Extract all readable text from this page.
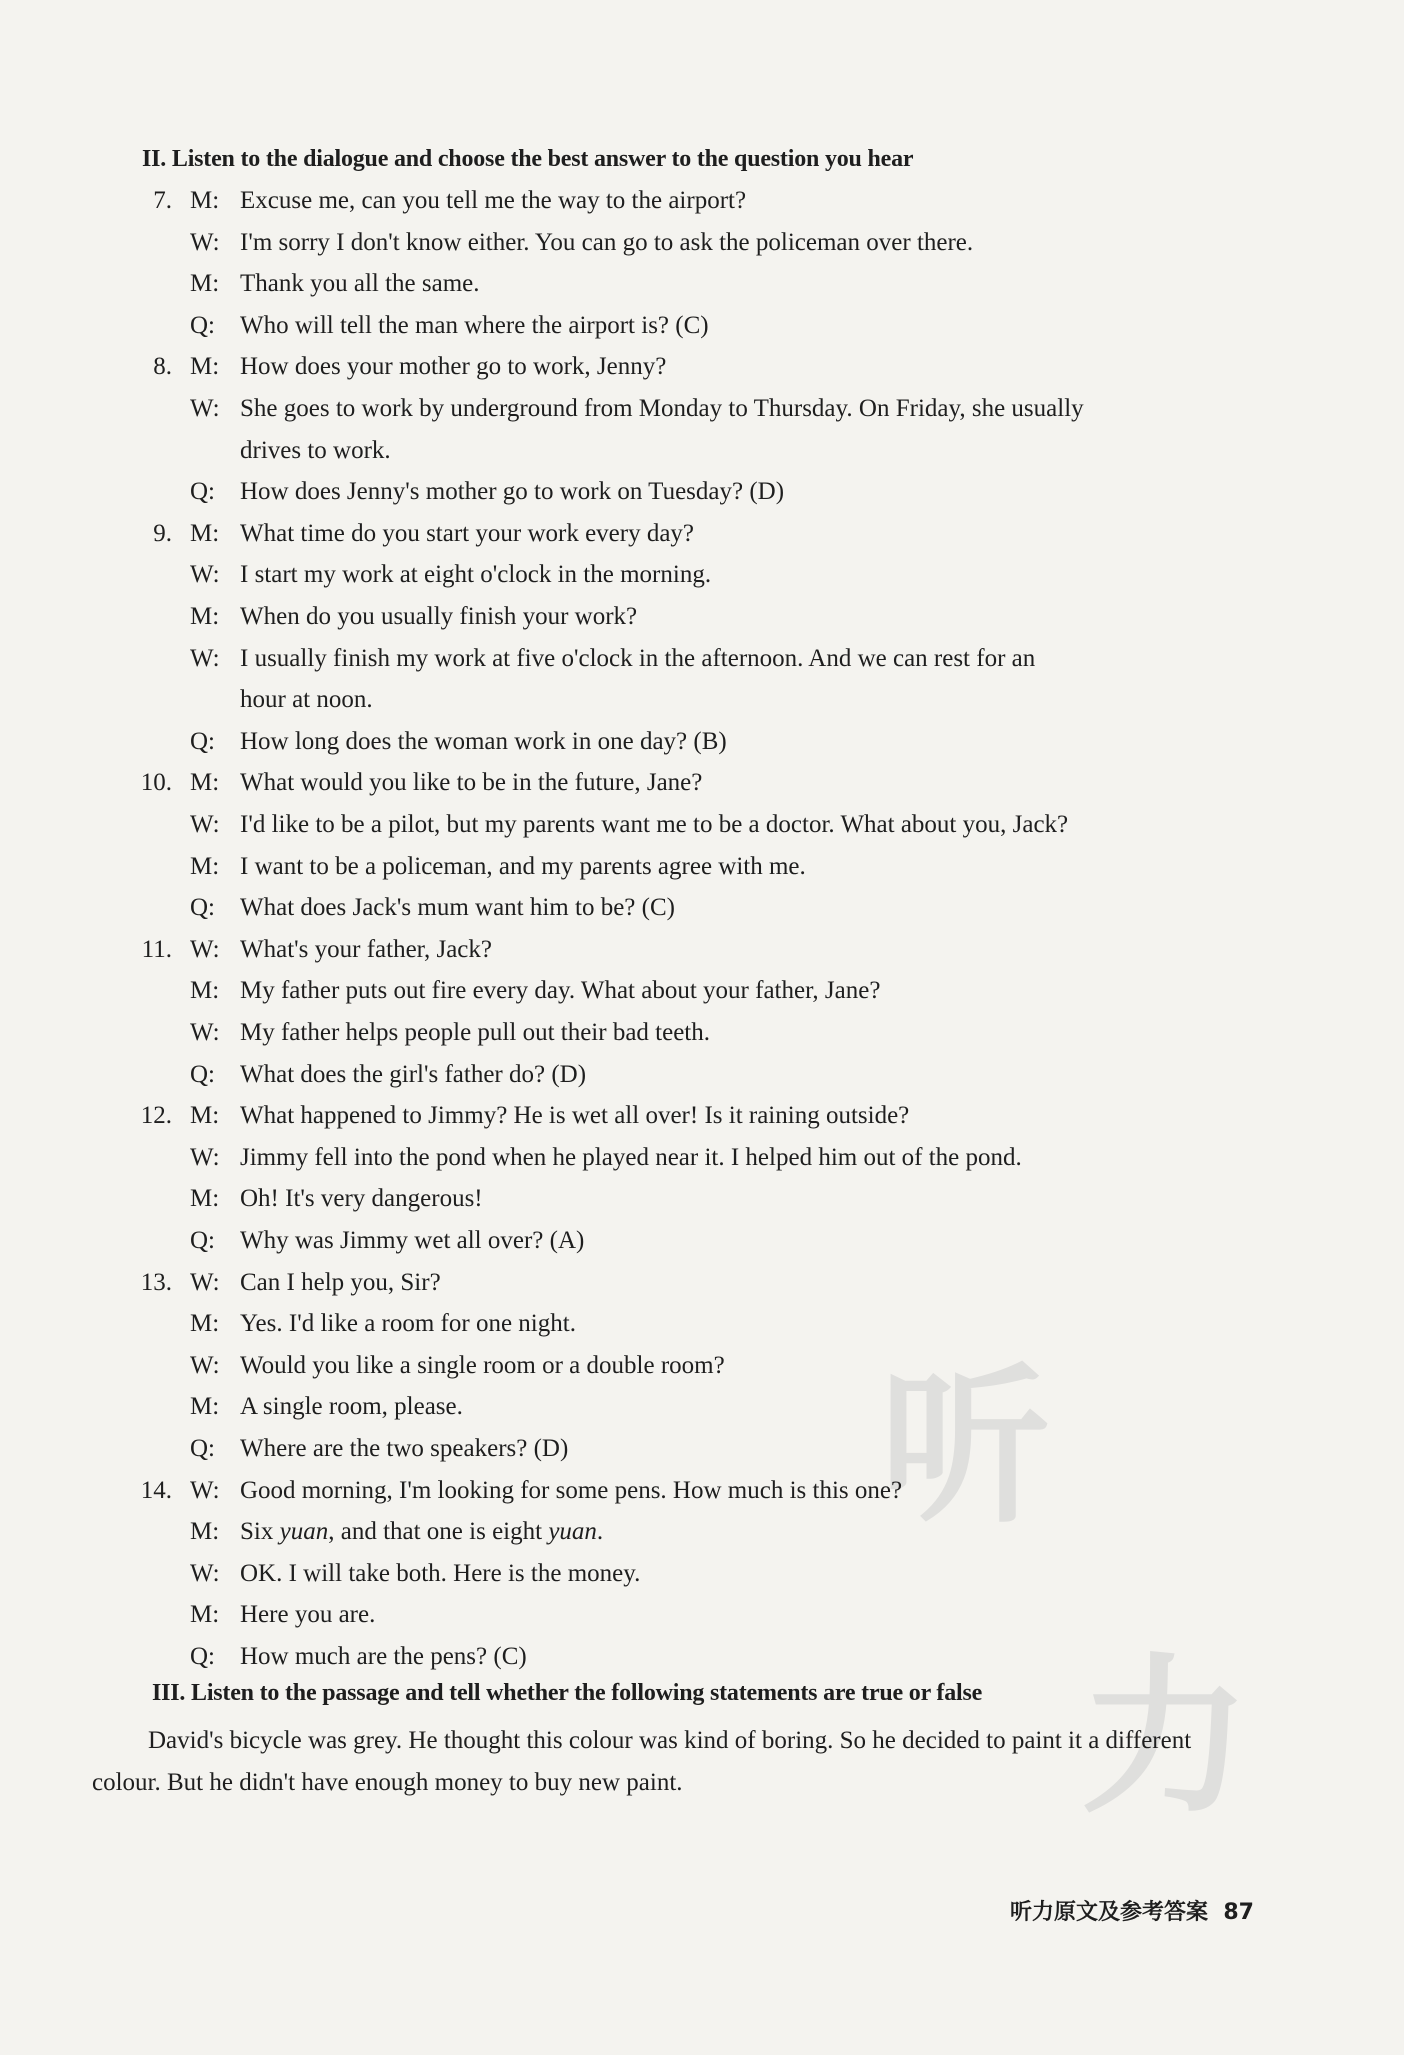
听
力
II. Listen to the dialogue and choose the best answer to the question you hear
7. M: Excuse me, can you tell me the way to the airport?
W: I'm sorry I don't know either. You can go to ask the policeman over there.
M: Thank you all the same.
Q: Who will tell the man where the airport is? (C)
8. M: How does your mother go to work, Jenny?
W: She goes to work by underground from Monday to Thursday. On Friday, she usually
drives to work.
Q: How does Jenny's mother go to work on Tuesday? (D)
9. M: What time do you start your work every day?
W: I start my work at eight o'clock in the morning.
M: When do you usually finish your work?
W: I usually finish my work at five o'clock in the afternoon. And we can rest for an
hour at noon.
Q: How long does the woman work in one day? (B)
10. M: What would you like to be in the future, Jane?
W: I'd like to be a pilot, but my parents want me to be a doctor. What about you, Jack?
M: I want to be a policeman, and my parents agree with me.
Q: What does Jack's mum want him to be? (C)
11. W: What's your father, Jack?
M: My father puts out fire every day. What about your father, Jane?
W: My father helps people pull out their bad teeth.
Q: What does the girl's father do? (D)
12. M: What happened to Jimmy? He is wet all over! Is it raining outside?
W: Jimmy fell into the pond when he played near it. I helped him out of the pond.
M: Oh! It's very dangerous!
Q: Why was Jimmy wet all over? (A)
13. W: Can I help you, Sir?
M: Yes. I'd like a room for one night.
W: Would you like a single room or a double room?
M: A single room, please.
Q: Where are the two speakers? (D)
14. W: Good morning, I'm looking for some pens. How much is this one?
M: Six yuan, and that one is eight yuan.
W: OK. I will take both. Here is the money.
M: Here you are.
Q: How much are the pens? (C)
III. Listen to the passage and tell whether the following statements are true or false
David's bicycle was grey. He thought this colour was kind of boring. So he decided to paint it a different colour. But he didn't have enough money to buy new paint.
听力原文及参考答案 87
